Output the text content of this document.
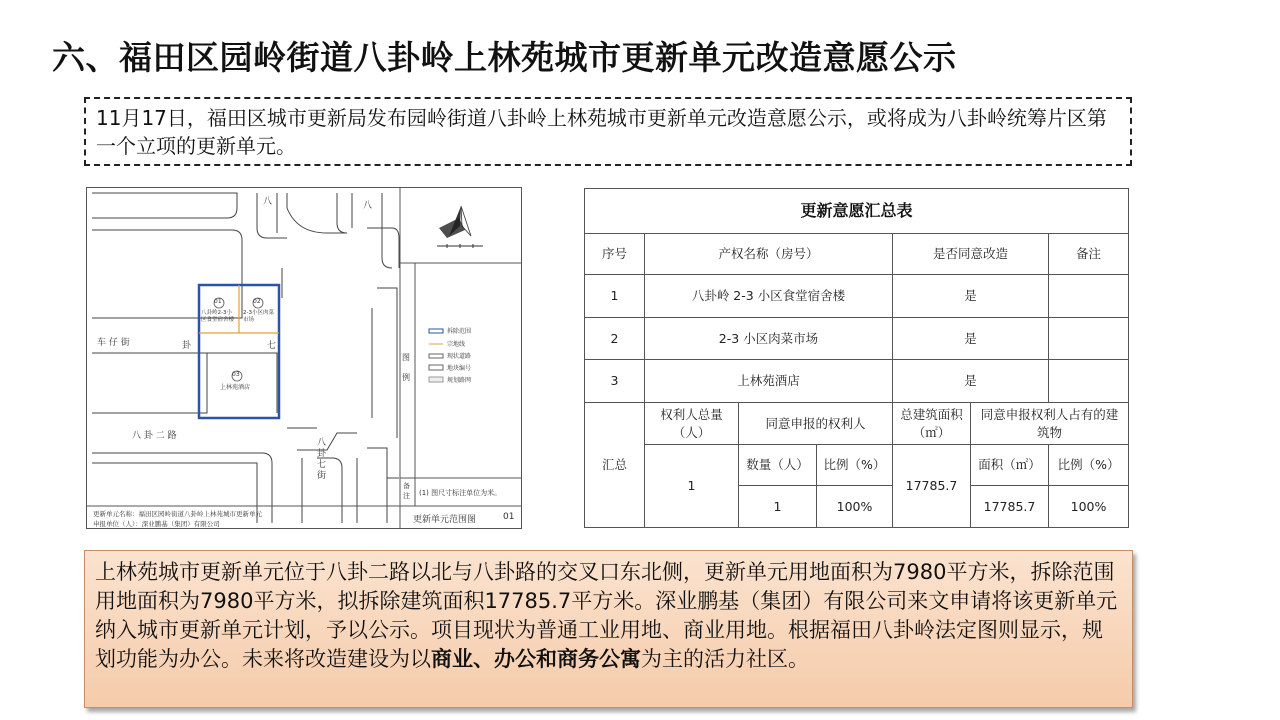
六、福田区园岭街道八卦岭上林苑城市更新单元改造意愿公示
11月17日，福田区城市更新局发布园岭街道八卦岭上林苑城市更新单元改造意愿公示，或将成为八卦岭统筹片区第一个立项的更新单元。
车 仔 街	卦
八 卦 二 路
八
七
八
八卦七街
01	02
03
八卦岭2-3小区食堂宿舍楼
2-3小区肉菜市场
上林苑酒店
图例
拆除范围
宗地线
现状道路
地块编号
规划路网
备注	(1) 图尺寸标注单位为米。
更新单元名称：福田区园岭街道八卦岭上林苑城市更新单元
申报单位（人）：深业鹏基（集团）有限公司	更新单元范围图	01
更新意愿汇总表						
序号	产权名称（房号）			是否同意改造		备注
1	八卦岭 2-3 小区食堂宿舍楼			是		
2	2-3 小区肉菜市场			是		
3	上林苑酒店			是		
汇总	权利人总量（人）	同意申报的权利人		总建筑面积（㎡）	同意申报权利人占有的建筑物	
	1	数量（人）	比例（%）	17785.7	面积（㎡）	比例（%）
		1	100%		17785.7	100%
上林苑城市更新单元位于八卦二路以北与八卦路的交叉口东北侧，更新单元用地面积为7980平方米，拆除范围用地面积为7980平方米，拟拆除建筑面积17785.7平方米。深业鹏基（集团）有限公司来文申请将该更新单元纳入城市更新单元计划，予以公示。项目现状为普通工业用地、商业用地。根据福田八卦岭法定图则显示，规划功能为办公。未来将改造建设为以商业、办公和商务公寓为主的活力社区。
